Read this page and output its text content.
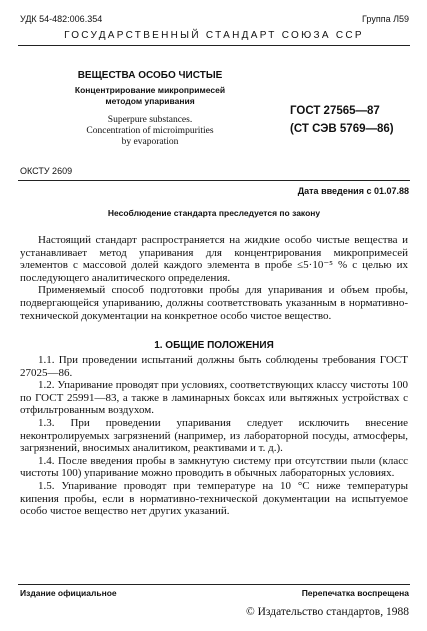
УДК 54-482:006.354	Группа Л59
ГОСУДАРСТВЕННЫЙ СТАНДАРТ СОЮЗА ССР
ВЕЩЕСТВА ОСОБО ЧИСТЫЕ
Концентрирование микропримесей
методом упаривания
Superpure substances.
Concentration of microimpurities
by evaporation
ГОСТ 27565—87
(СТ СЭВ 5769—86)
ОКСТУ 2609
Дата введения с 01.07.88
Несоблюдение стандарта преследуется по закону

Настоящий стандарт распространяется на жидкие особо чистые вещества и устанавливает метод упаривания для концентрирования микропримесей элементов с массовой долей каждого элемента в пробе ≤5·10⁻⁵ % с целью их последующего аналитического определения.

Применяемый способ подготовки пробы для упаривания и объем пробы, подвергающейся упариванию, должны соответствовать указанным в нормативно-технической документации на конкретное особо чистое вещество.

1. ОБЩИЕ ПОЛОЖЕНИЯ

1.1. При проведении испытаний должны быть соблюдены требования ГОСТ 27025—86.

1.2. Упаривание проводят при условиях, соответствующих классу чистоты 100 по ГОСТ 25991—83, а также в ламинарных боксах или вытяжных устройствах с отфильтрованным воздухом.

1.3. При проведении упаривания следует исключить внесение неконтролируемых загрязнений (например, из лабораторной посуды, атмосферы, загрязнений, вносимых аналитиком, реактивами и т. д.).

1.4. После введения пробы в замкнутую систему при отсутствии пыли (класс чистоты 100) упаривание можно проводить в обычных лабораторных условиях.

1.5. Упаривание проводят при температуре на 10 °С ниже температуры кипения пробы, если в нормативно-технической документации на испытуемое особо чистое вещество нет других указаний.

Издание официальное	Перепечатка воспрещена
© Издательство стандартов, 1988
